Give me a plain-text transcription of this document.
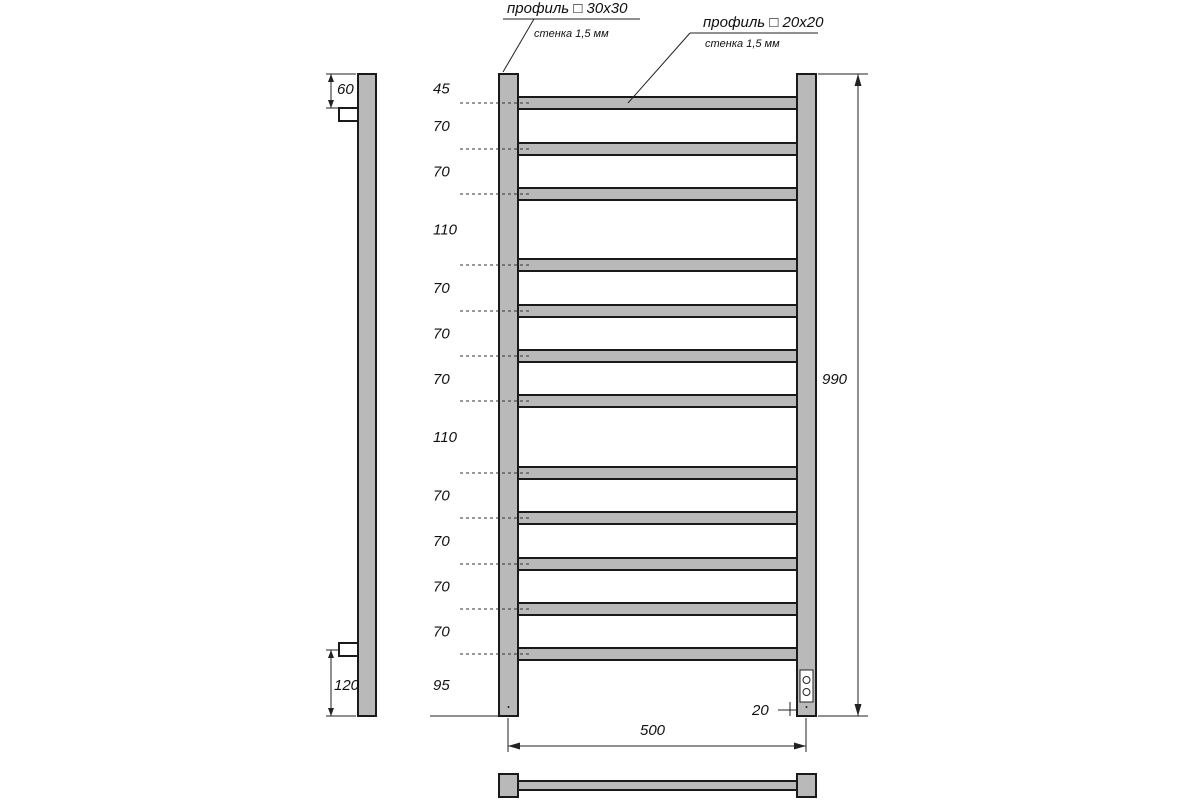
60
120
45
70
70
110
70
70
70
110
70
70
70
70
95
990
20
500
профиль □ 30x30
стенка 1,5 мм
профиль □ 20x20
стенка 1,5 мм
